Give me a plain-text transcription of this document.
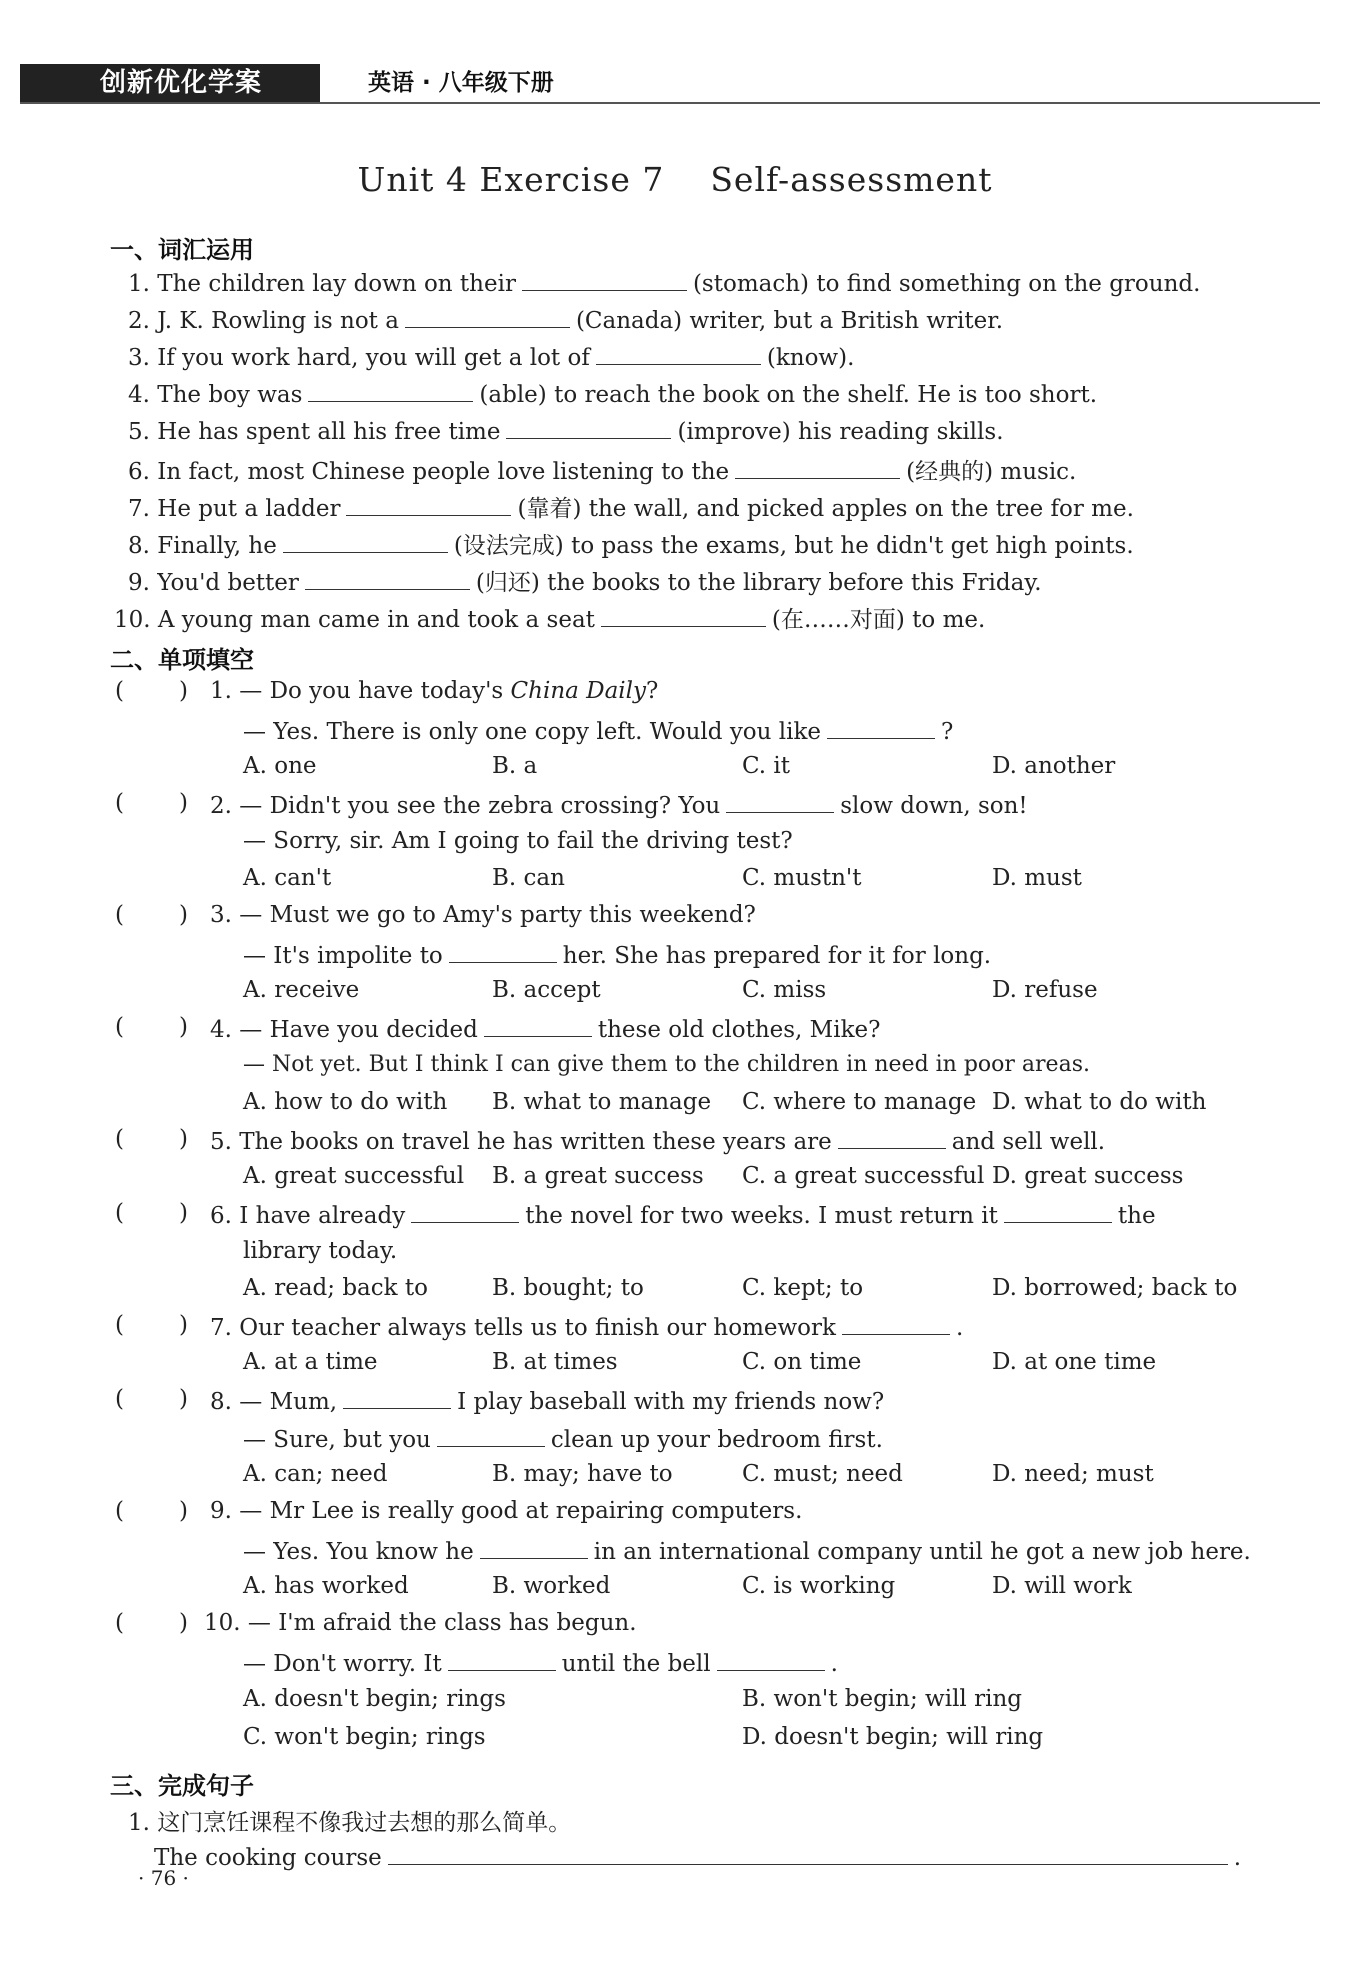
创新优化学案	英语 · 八年级下册
Unit 4 Exercise 7    Self-assessment
一、词汇运用
1. The children lay down on their	(stomach) to find something on the ground.
2. J. K. Rowling is not a	(Canada) writer, but a British writer.
3. If you work hard, you will get a lot of	(know).
4. The boy was	(able) to reach the book on the shelf. He is too short.
5. He has spent all his free time	(improve) his reading skills.
6. In fact, most Chinese people love listening to the	(经典的) music.
7. He put a ladder	(靠着) the wall, and picked apples on the tree for me.
8. Finally, he	(设法完成) to pass the exams, but he didn't get high points.
9. You'd better	(归还) the books to the library before this Friday.
10. A young man came in and took a seat	(在……对面) to me.
二、单项填空
( ) 1. — Do you have today's China Daily?
— Yes. There is only one copy left. Would you like	?
A. one	B. a	C. it	D. another
( ) 2. — Didn't you see the zebra crossing? You	slow down, son!
— Sorry, sir. Am I going to fail the driving test?
A. can't	B. can	C. mustn't	D. must
( ) 3. — Must we go to Amy's party this weekend?
— It's impolite to	her. She has prepared for it for long.
A. receive	B. accept	C. miss	D. refuse
( ) 4. — Have you decided	these old clothes, Mike?
— Not yet. But I think I can give them to the children in need in poor areas.
A. how to do with B. what to manage C. where to manage D. what to do with
( ) 5. The books on travel he has written these years are	and sell well.
A. great successful B. a great success C. a great successful D. great success
( ) 6. I have already	the novel for two weeks. I must return it	the
library today.
A. read; back to	B. bought; to	C. kept; to	D. borrowed; back to
( ) 7. Our teacher always tells us to finish our homework	.
A. at a time	B. at times	C. on time	D. at one time
( ) 8. — Mum,	I play baseball with my friends now?
— Sure, but you	clean up your bedroom first.
A. can; need	B. may; have to	C. must; need	D. need; must
( ) 9. — Mr Lee is really good at repairing computers.
— Yes. You know he	in an international company until he got a new job here.
A. has worked	B. worked	C. is working	D. will work
( ) 10. — I'm afraid the class has begun.
— Don't worry. It	until the bell	.
A. doesn't begin; rings	B. won't begin; will ring
C. won't begin; rings	D. doesn't begin; will ring
三、完成句子
1. 这门烹饪课程不像我过去想的那么简单。
The cooking course	.
· 76 ·
